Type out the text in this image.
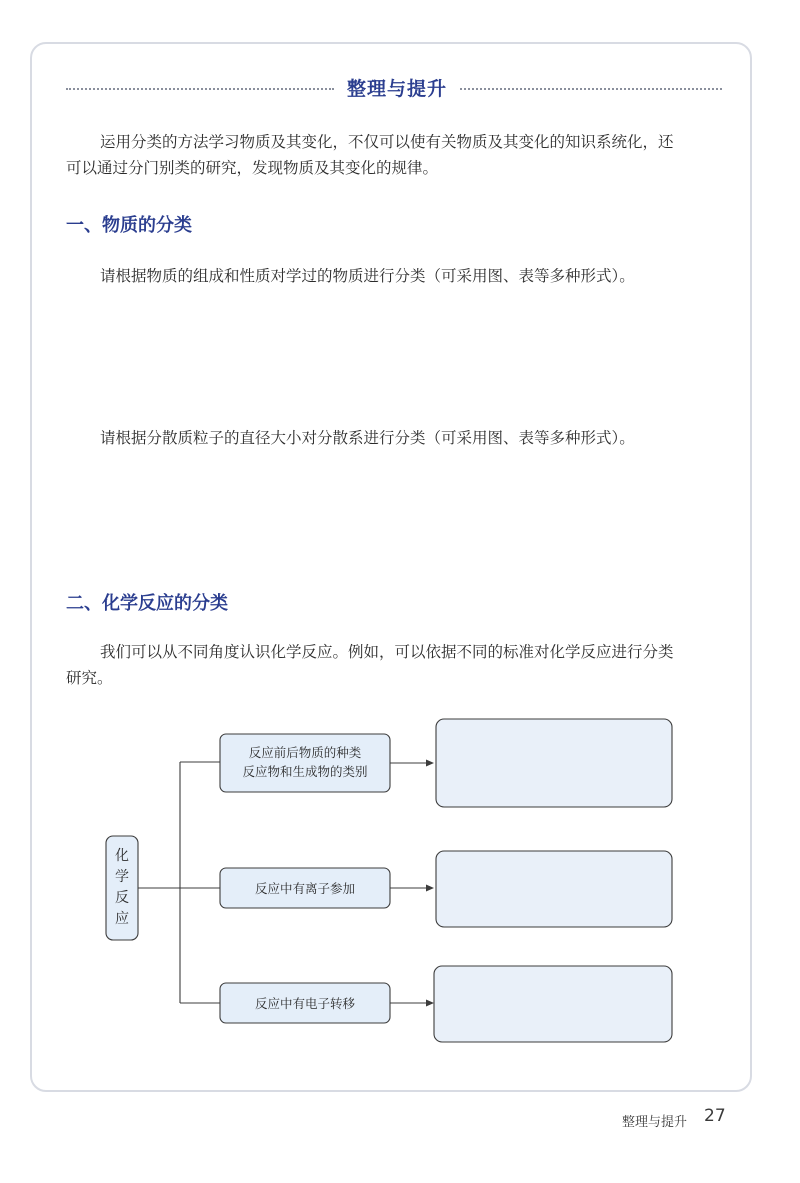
整理与提升
运用分类的方法学习物质及其变化，不仅可以使有关物质及其变化的知识系统化，还
可以通过分门别类的研究，发现物质及其变化的规律。
一、物质的分类
请根据物质的组成和性质对学过的物质进行分类（可采用图、表等多种形式）。
请根据分散质粒子的直径大小对分散系进行分类（可采用图、表等多种形式）。
二、化学反应的分类
我们可以从不同角度认识化学反应。例如，可以依据不同的标准对化学反应进行分类
研究。
化
学
反
应
反应前后物质的种类
反应物和生成物的类别
反应中有离子参加
反应中有电子转移
整理与提升 27
